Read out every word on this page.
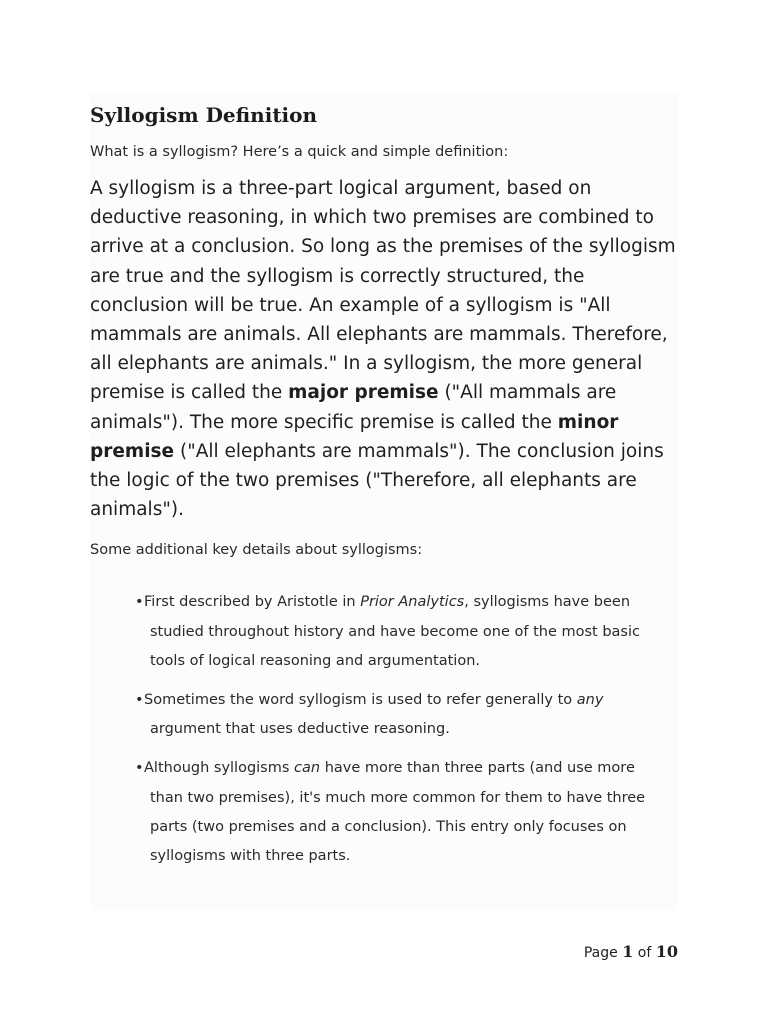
Syllogism Definition

What is a syllogism? Here’s a quick and simple definition:

A syllogism is a three-part logical argument, based on deductive reasoning, in which two premises are combined to arrive at a conclusion. So long as the premises of the syllogism are true and the syllogism is correctly structured, the conclusion will be true. An example of a syllogism is "All mammals are animals. All elephants are mammals. Therefore, all elephants are animals." In a syllogism, the more general premise is called the major premise ("All mammals are animals"). The more specific premise is called the minor premise ("All elephants are mammals"). The conclusion joins the logic of the two premises ("Therefore, all elephants are animals").

Some additional key details about syllogisms:

•First described by Aristotle in Prior Analytics, syllogisms have been studied throughout history and have become one of the most basic tools of logical reasoning and argumentation.
•Sometimes the word syllogism is used to refer generally to any argument that uses deductive reasoning.
•Although syllogisms can have more than three parts (and use more than two premises), it's much more common for them to have three parts (two premises and a conclusion). This entry only focuses on syllogisms with three parts.
Page 1 of 10
